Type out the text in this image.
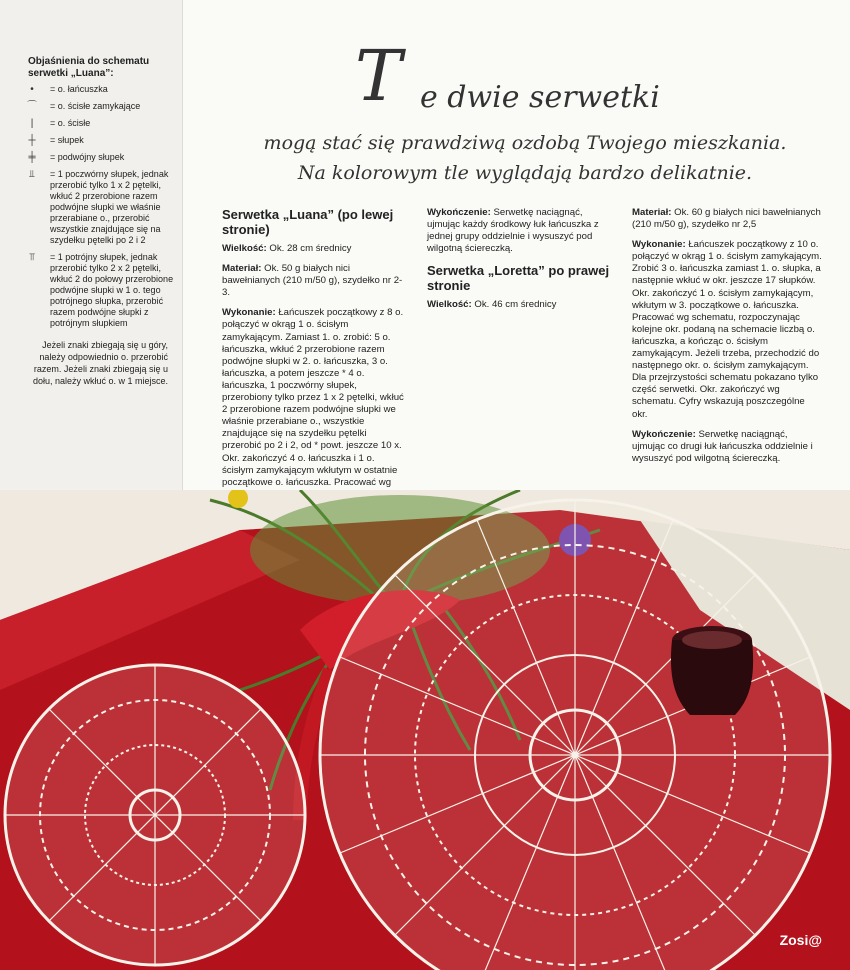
Objaśnienia do schematu serwetki „Luana”:
•	= o. łańcuszka
⌒	= o. ścisłe zamykające
|	= o. ścisłe
┼	= słupek
╪	= podwójny słupek
⫫	= 1 poczwórny słupek, jednak przerobić tylko 1 x 2 pętelki, wkłuć 2 przerobione razem podwójne słupki we właśnie przerabiane o., przerobić wszystkie znajdujące się na szydełku pętelki po 2 i 2
⫪	= 1 potrójny słupek, jednak przerobić tylko 2 x 2 pętelki, wkłuć 2 do połowy przerobione podwójne słupki w 1 o. tego potrójnego słupka, przerobić razem podwójne słupki z potrójnym słupkiem
Jeżeli znaki zbiegają się u góry, należy odpowiednio o. przerobić razem. Jeżeli znaki zbiegają się u dołu, należy wkłuć o. w 1 miejsce.
T e dwie serwetki
mogą stać się prawdziwą ozdobą Twojego mieszkania.
Na kolorowym tle wyglądają bardzo delikatnie.
Serwetka „Luana” (po lewej stronie)

Wielkość: Ok. 28 cm średnicy

Materiał: Ok. 50 g białych nici bawełnianych (210 m/50 g), szydełko nr 2-3.

Wykonanie: Łańcuszek początkowy z 8 o. połączyć w okrąg 1 o. ścisłym zamykającym. Zamiast 1. o. zrobić: 5 o. łańcuszka, wkłuć 2 przerobione razem podwójne słupki w 2. o. łańcuszka, 3 o. łańcuszka, a potem jeszcze * 4 o. łańcuszka, 1 poczwórny słupek, przerobiony tylko przez 1 x 2 pętelki, wkłuć 2 przerobione razem podwójne słupki we właśnie przerabiane o., wszystkie znajdujące się na szydełku pętelki przerobić po 2 i 2, od * powt. jeszcze 10 x. Okr. zakończyć 4 o. łańcuszka i 1 o. ścisłym zamykającym wkłutym w ostatnie początkowe o. łańcuszka. Pracować wg

Wykończenie: Serwetkę naciągnąć, ujmując każdy środkowy łuk łańcuszka z jednej grupy oddzielnie i wysuszyć pod wilgotną ściereczką.

Serwetka „Loretta” po prawej stronie

Wielkość: Ok. 46 cm średnicy

Materiał: Ok. 60 g białych nici bawełnianych (210 m/50 g), szydełko nr 2,5

Wykonanie: Łańcuszek początkowy z 10 o. połączyć w okrąg 1 o. ścisłym zamykającym. Zrobić 3 o. łańcuszka zamiast 1. o. słupka, a następnie wkłuć w okr. jeszcze 17 słupków. Okr. zakończyć 1 o. ścisłym zamykającym, wkłutym w 3. początkowe o. łańcuszka. Pracować wg schematu, rozpoczynając kolejne okr. podaną na schemacie liczbą o. łańcuszka, a kończąc o. ścisłym zamykającym. Jeżeli trzeba, przechodzić do następnego okr. o. ścisłym zamykającym. Dla przejrzystości schematu pokazano tylko część serwetki. Okr. zakończyć wg schematu. Cyfry wskazują poszczególne okr.

Wykończenie: Serwetkę naciągnąć, ujmując co drugi łuk łańcuszka oddzielnie i wysuszyć pod wilgotną ściereczką.

Zosi@
